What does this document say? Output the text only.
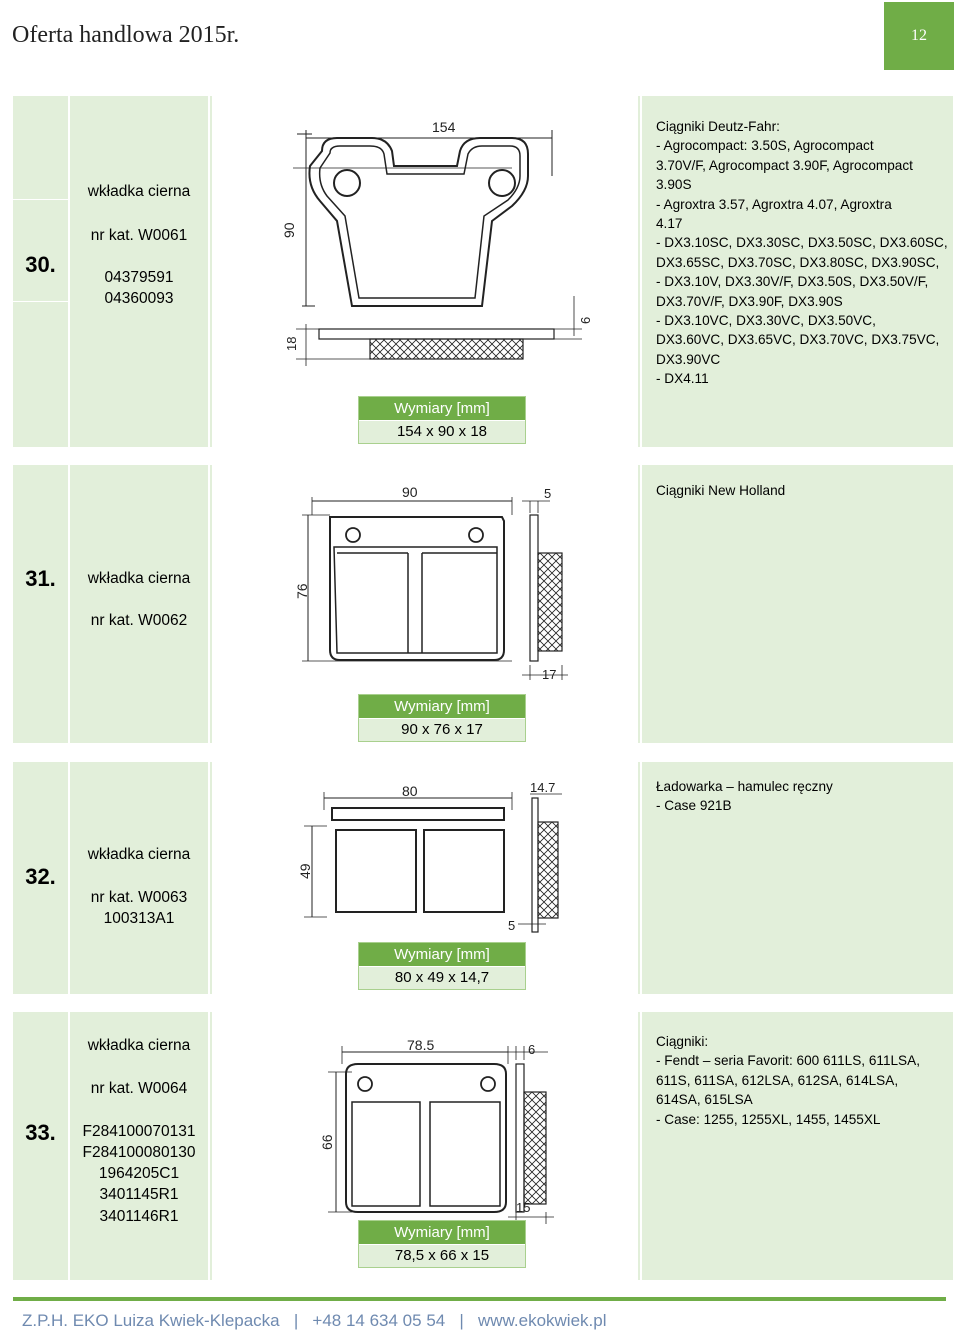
Oferta handlowa 2015r.	12
30.
wkładka cierna
nr kat. W0061
04379591
04360093
154
90
18
6
Wymiary [mm]
154 x 90 x 18
Ciągniki Deutz-Fahr:
- Agrocompact: 3.50S, Agrocompact
3.70V/F, Agrocompact 3.90F, Agrocompact
3.90S
- Agroxtra 3.57, Agroxtra 4.07, Agroxtra
4.17
- DX3.10SC, DX3.30SC, DX3.50SC, DX3.60SC,
DX3.65SC, DX3.70SC, DX3.80SC, DX3.90SC,
- DX3.10V, DX3.30V/F, DX3.50S, DX3.50V/F,
DX3.70V/F, DX3.90F, DX3.90S
- DX3.10VC, DX3.30VC, DX3.50VC,
DX3.60VC, DX3.65VC, DX3.70VC, DX3.75VC,
DX3.90VC
- DX4.11
31.	wkładka cierna
nr kat. W0062
90
76
17
5
Wymiary [mm]
90 x 76 x 17
Ciągniki New Holland
32.
wkładka cierna
nr kat. W0063
100313A1
80
49
14.7
5
Wymiary [mm]
80 x 49 x 14,7
Ładowarka – hamulec ręczny
- Case 921B
33.
wkładka cierna
nr kat. W0064
F284100070131
F284100080130
1964205C1
3401145R1
3401146R1
78.5
66
15
6
Wymiary [mm]
78,5 x 66 x 15
Ciągniki:
- Fendt – seria Favorit: 600 611LS, 611LSA,
611S, 611SA, 612LSA, 612SA, 614LSA,
614SA, 615LSA
- Case: 1255, 1255XL, 1455, 1455XL
Z.P.H. EKO Luiza Kwiek-Klepacka | +48 14 634 05 54 | www.ekokwiek.pl
